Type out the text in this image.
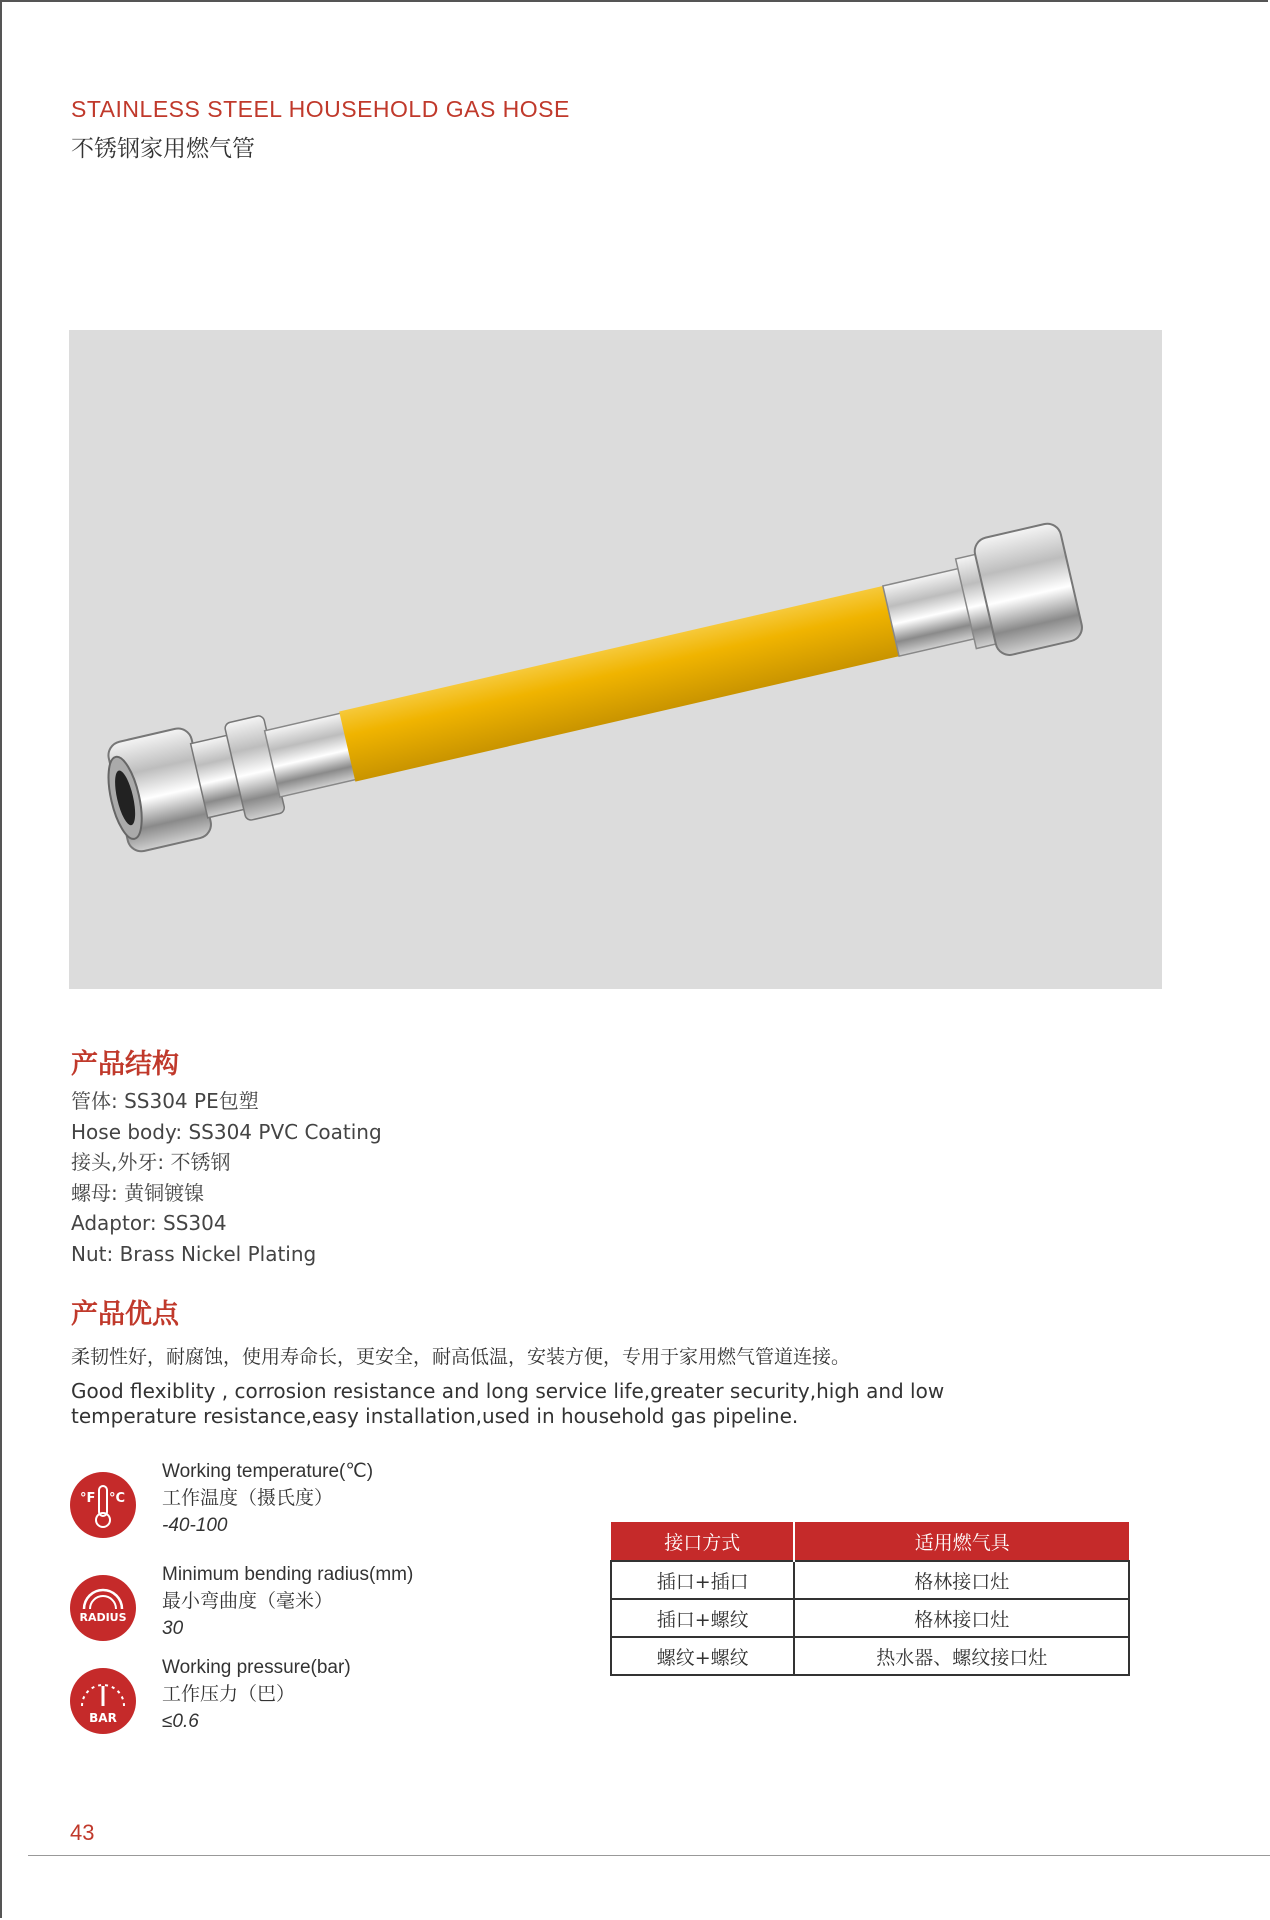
STAINLESS STEEL HOUSEHOLD GAS HOSE
不锈钢家用燃气管
产品结构
管体: SS304 PE包塑
Hose body: SS304 PVC Coating
接头,外牙: 不锈钢
螺母: 黄铜镀镍
Adaptor: SS304
Nut: Brass Nickel Plating
产品优点
柔韧性好，耐腐蚀，使用寿命长，更安全，耐高低温，安装方便，专用于家用燃气管道连接。
Good flexiblity , corrosion resistance and long service life,greater security,high and low temperature resistance,easy installation,used in household gas pipeline.
°F °C
Working temperature(℃)
工作温度（摄氏度）
-40-100
RADIUS
Minimum bending radius(mm)
最小弯曲度（毫米）
30
BAR
Working pressure(bar)
工作压力（巴）
≤0.6
接口方式	适用燃气具
插口+插口	格林接口灶
插口+螺纹	格林接口灶
螺纹+螺纹	热水器、螺纹接口灶
43
